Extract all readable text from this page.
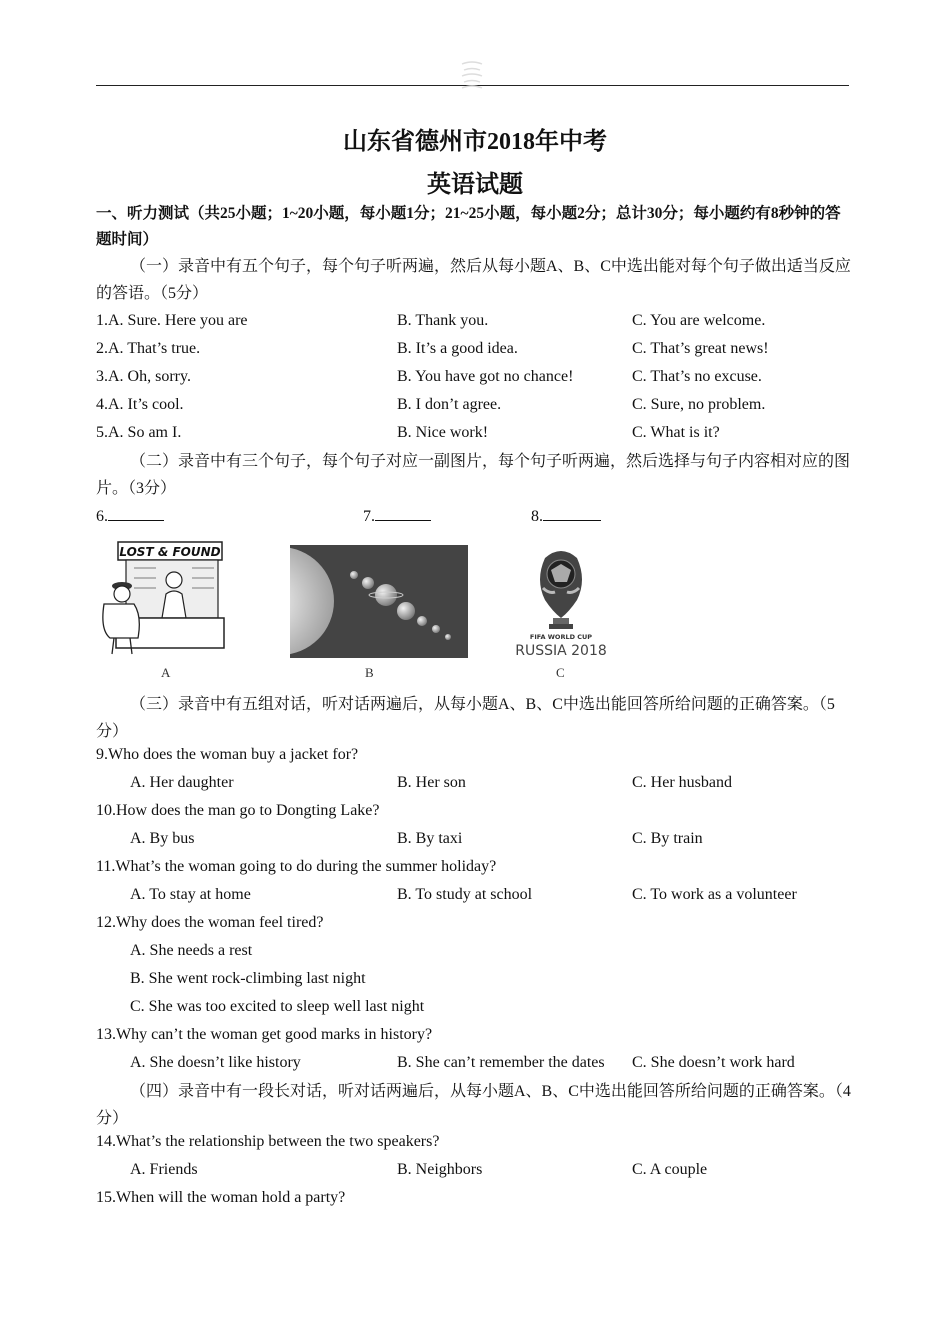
山东省德州市2018年中考
英语试题
一、听力测试（共25小题；1~20小题，每小题1分；21~25小题，每小题2分；总计30分；每小题约有8秒钟的答题时间）
（一）录音中有五个句子，每个句子听两遍，然后从每小题A、B、C中选出能对每个句子做出适当反应的答语。（5分）
1.A. Sure. Here you are	B. Thank you.	C. You are welcome.
2.A. That’s true.	B. It’s a good idea.	C. That’s great news!
3.A. Oh, sorry.	B. You have got no chance!	C. That’s no excuse.
4.A. It’s cool.	B. I don’t agree.	C. Sure, no problem.
5.A. So am I.	B. Nice work!	C. What is it?
（二）录音中有三个句子，每个句子对应一副图片，每个句子听两遍，然后选择与句子内容相对应的图片。（3分）
6.	7.	8.
LOST & FOUND
A	B
FIFA WORLD CUP
RUSSIA 2018
C
（三）录音中有五组对话，听对话两遍后，从每小题A、B、C中选出能回答所给问题的正确答案。（5分）
9.Who does the woman buy a jacket for?
A. Her daughter	B. Her son	C. Her husband
10.How does the man go to Dongting Lake?
A. By bus	B. By taxi	C. By train
11.What’s the woman going to do during the summer holiday?
A. To stay at home	B. To study at school	C. To work as a volunteer
12.Why does the woman feel tired?
A. She needs a rest
B. She went rock-climbing last night
C. She was too excited to sleep well last night
13.Why can’t the woman get good marks in history?
A. She doesn’t like history	B. She can’t remember the dates C. She doesn’t work hard
（四）录音中有一段长对话，听对话两遍后，从每小题A、B、C中选出能回答所给问题的正确答案。（4分）
14.What’s the relationship between the two speakers?
A. Friends	B. Neighbors	C. A couple
15.When will the woman hold a party?
